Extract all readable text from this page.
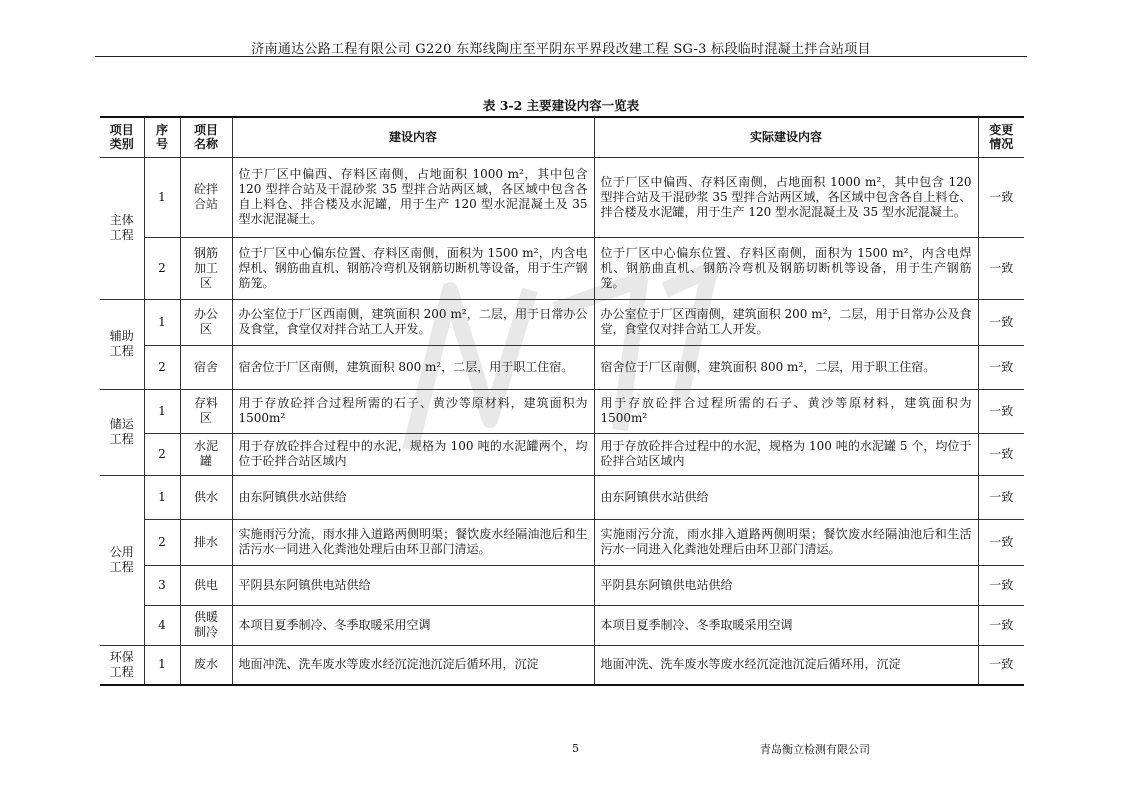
济南通达公路工程有限公司 G220 东郑线陶庄至平阴东平界段改建工程 SG-3 标段临时混凝土拌合站项目
表 3-2 主要建设内容一览表
项目
类别	序
号	项目
名称	建设内容	实际建设内容	变更
情况
主体
工程	1	砼拌
合站	位于厂区中偏西、存料区南侧，占地面积 1000 m²，其中包含 120 型拌合站及干混砂浆 35 型拌合站两区域，各区域中包含各自上料仓、拌合楼及水泥罐，用于生产 120 型水泥混凝土及 35 型水泥混凝土。	位于厂区中偏西、存料区南侧，占地面积 1000 m²，其中包含 120 型拌合站及干混砂浆 35 型拌合站两区域，各区域中包含各自上料仓、拌合楼及水泥罐，用于生产 120 型水泥混凝土及 35 型水泥混凝土。	一致
	2	钢筋
加工
区	位于厂区中心偏东位置、存料区南侧，面积为 1500 m²，内含电焊机、钢筋曲直机、钢筋冷弯机及钢筋切断机等设备，用于生产钢筋笼。	位于厂区中心偏东位置、存料区南侧，面积为 1500 m²，内含电焊机、钢筋曲直机、钢筋冷弯机及钢筋切断机等设备，用于生产钢筋笼。	一致
辅助
工程	1	办公
区	办公室位于厂区西南侧，建筑面积 200 m²，二层，用于日常办公及食堂，食堂仅对拌合站工人开发。	办公室位于厂区西南侧，建筑面积 200 m²，二层，用于日常办公及食堂，食堂仅对拌合站工人开发。	一致
	2	宿舍	宿舍位于厂区南侧，建筑面积 800 m²，二层，用于职工住宿。	宿舍位于厂区南侧，建筑面积 800 m²，二层，用于职工住宿。	一致
储运
工程	1	存料
区	用于存放砼拌合过程所需的石子、黄沙等原材料，建筑面积为 1500m²	用于存放砼拌合过程所需的石子、黄沙等原材料，建筑面积为 1500m²	一致
	2	水泥
罐	用于存放砼拌合过程中的水泥，规格为 100 吨的水泥罐两个，均位于砼拌合站区域内	用于存放砼拌合过程中的水泥，规格为 100 吨的水泥罐 5 个，均位于砼拌合站区域内	一致
公用
工程	1	供水	由东阿镇供水站供给	由东阿镇供水站供给	一致
	2	排水	实施雨污分流，雨水排入道路两侧明渠；餐饮废水经隔油池后和生活污水一同进入化粪池处理后由环卫部门清运。	实施雨污分流，雨水排入道路两侧明渠；餐饮废水经隔油池后和生活污水一同进入化粪池处理后由环卫部门清运。	一致
	3	供电	平阴县东阿镇供电站供给	平阴县东阿镇供电站供给	一致
	4	供暖
制冷	本项目夏季制冷、冬季取暖采用空调	本项目夏季制冷、冬季取暖采用空调	一致
环保
工程	1	废水	地面冲洗、洗车废水等废水经沉淀池沉淀后循环用，沉淀	地面冲洗、洗车废水等废水经沉淀池沉淀后循环用，沉淀	一致
5	青岛衡立检测有限公司
